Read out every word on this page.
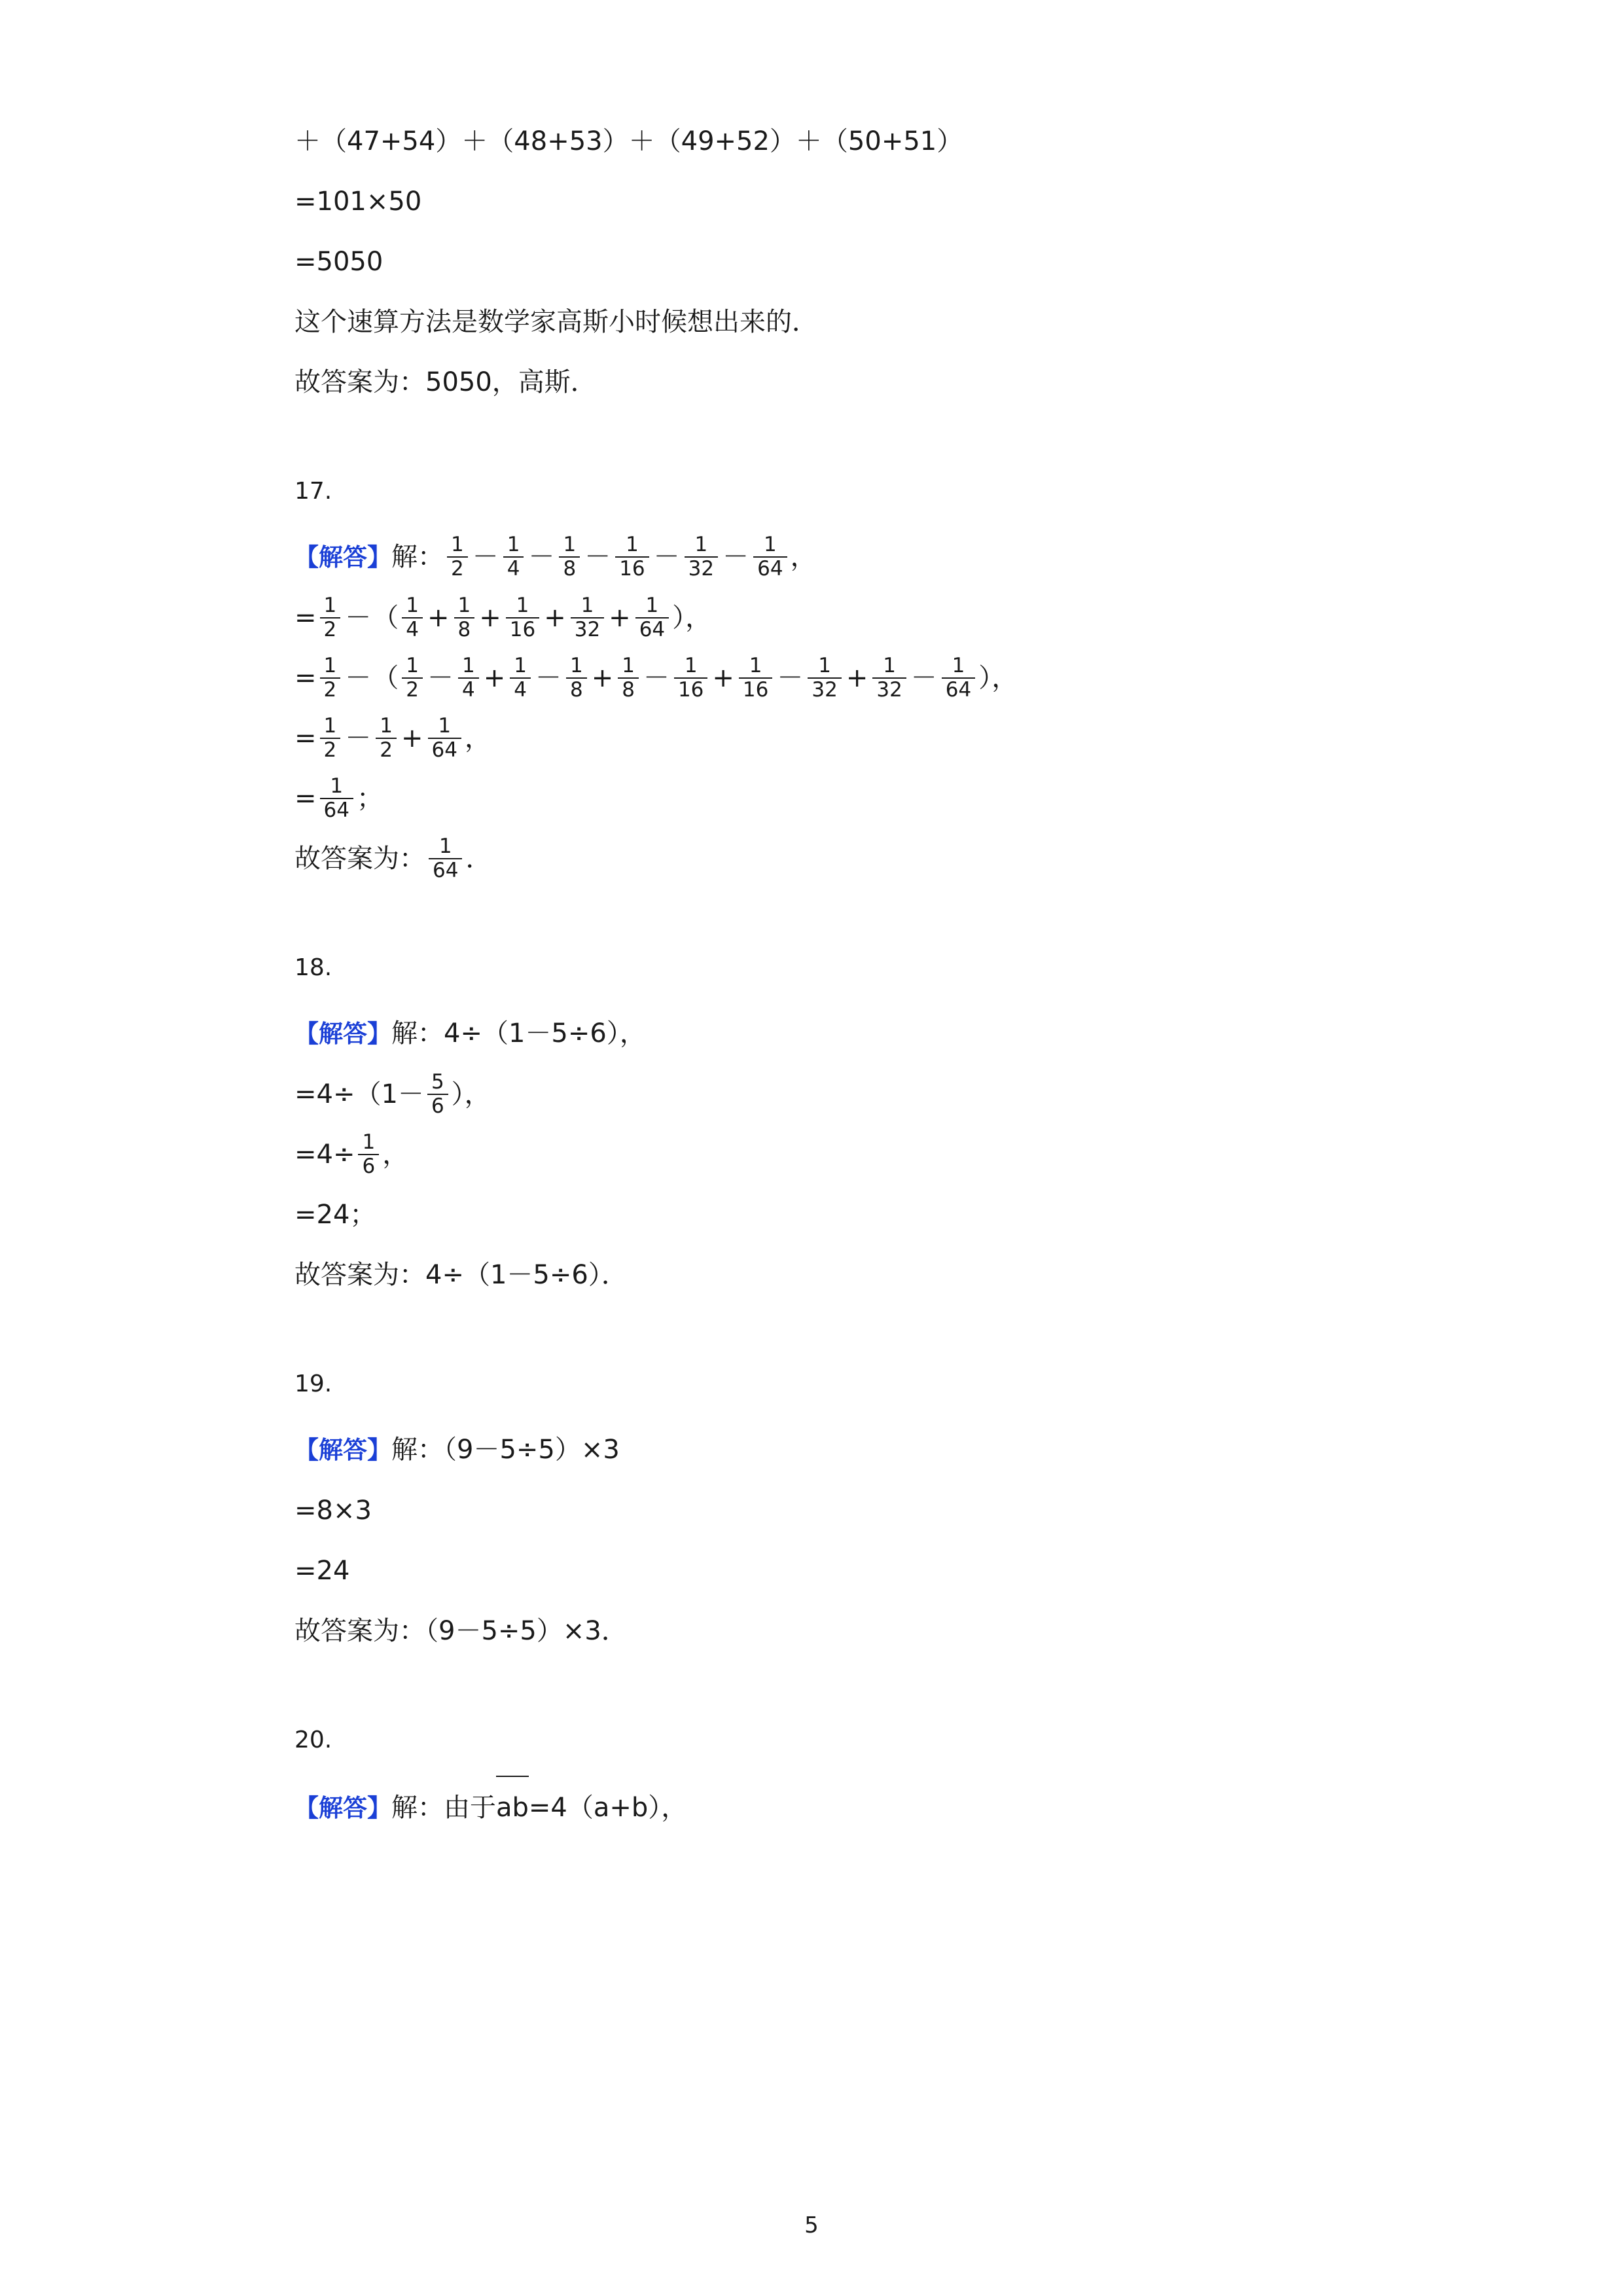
＋（47+54）＋（48+53）＋（49+52）＋（50+51）
=101×50
=5050
这个速算方法是数学家高斯小时候想出来的．
故答案为：5050，高斯．
17.
【解答】解： $\frac{1}{2} - \frac{1}{4} - \frac{1}{8} - \frac{1}{16} - \frac{1}{32} - \frac{1}{64}$ ，
= $\frac{1}{2}$ －（ $\frac{1}{4} + \frac{1}{8} + \frac{1}{16} + \frac{1}{32} + \frac{1}{64}$ ），
= $\frac{1}{2}$ －（ $\frac{1}{2} - \frac{1}{4} + \frac{1}{4} - \frac{1}{8} + \frac{1}{8} - \frac{1}{16} + \frac{1}{16} - \frac{1}{32} + \frac{1}{32} - \frac{1}{64}$ ），
= $\frac{1}{2} - \frac{1}{2} + \frac{1}{64}$ ，
= $\frac{1}{64}$ ；
故答案为： $\frac{1}{64}$ ．
18.
【解答】解：4÷（1－5÷6），
$=4\div(1- \frac{5}{6}$ ），
$=4\div \frac{1}{6}$ ，
=24；
故答案为：4÷（1－5÷6）．
19.
【解答】解：（9－5÷5）×3
=8×3
=24
故答案为：（9－5÷5）×3．
20.
【解答】解：由于ab=4（a+b），
5
